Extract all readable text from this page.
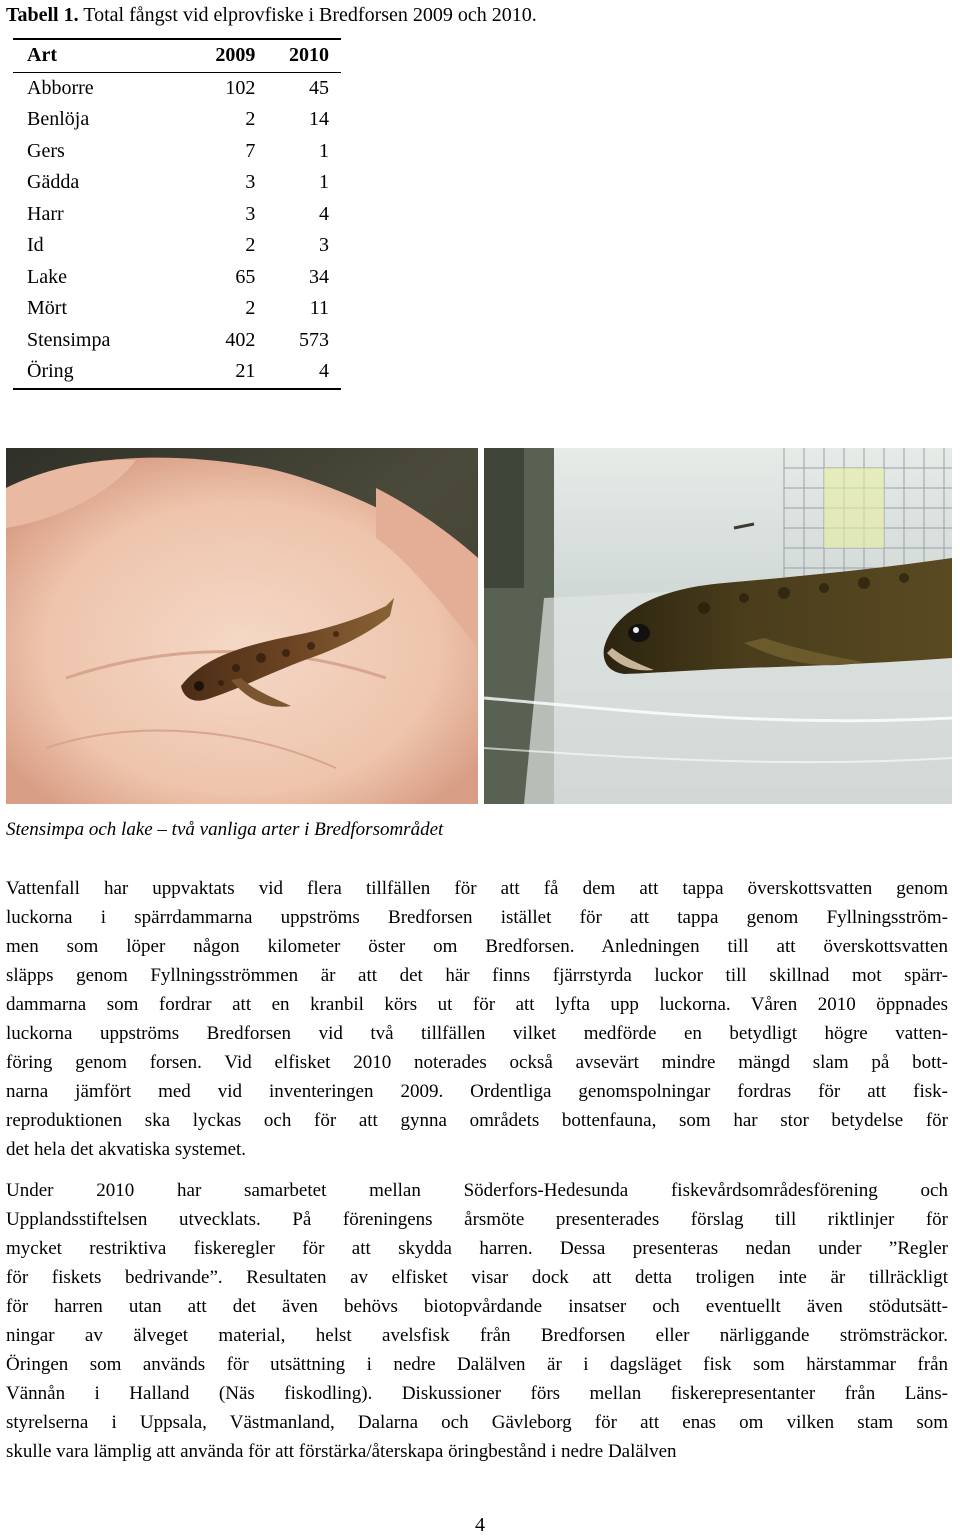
Tabell 1. Total fångst vid elprovfiske i Bredforsen 2009 och 2010.
Art	2009	2010
Abborre	102	45
Benlöja	2	14
Gers	7	1
Gädda	3	1
Harr	3	4
Id	2	3
Lake	65	34
Mört	2	11
Stensimpa	402	573
Öring	21	4
Stensimpa och lake – två vanliga arter i Bredforsområdet
Vattenfall har uppvaktats vid flera tillfällen för att få dem att tappa överskottsvatten genom
luckorna i spärrdammarna uppströms Bredforsen istället för att tappa genom Fyllningsström-
men som löper någon kilometer öster om Bredforsen. Anledningen till att överskottsvatten
släpps genom Fyllningsströmmen är att det här finns fjärrstyrda luckor till skillnad mot spärr-
dammarna som fordrar att en kranbil körs ut för att lyfta upp luckorna. Våren 2010 öppnades
luckorna uppströms Bredforsen vid två tillfällen vilket medförde en betydligt högre vatten-
föring genom forsen. Vid elfisket 2010 noterades också avsevärt mindre mängd slam på bott-
narna jämfört med vid inventeringen 2009. Ordentliga genomspolningar fordras för att fisk-
reproduktionen ska lyckas och för att gynna områdets bottenfauna, som har stor betydelse för
det hela det akvatiska systemet.
Under 2010 har samarbetet mellan Söderfors-Hedesunda fiskevårdsområdesförening och
Upplandsstiftelsen utvecklats. På föreningens årsmöte presenterades förslag till riktlinjer för
mycket restriktiva fiskeregler för att skydda harren. Dessa presenteras nedan under ”Regler
för fiskets bedrivande”. Resultaten av elfisket visar dock att detta troligen inte är tillräckligt
för harren utan att det även behövs biotopvårdande insatser och eventuellt även stödutsätt-
ningar av älveget material, helst avelsfisk från Bredforsen eller närliggande strömsträckor.
Öringen som används för utsättning i nedre Dalälven är i dagsläget fisk som härstammar från
Vännån i Halland (Näs fiskodling). Diskussioner förs mellan fiskerepresentanter från Läns-
styrelserna i Uppsala, Västmanland, Dalarna och Gävleborg för att enas om vilken stam som
skulle vara lämplig att använda för att förstärka/återskapa öringbestånd i nedre Dalälven
4
